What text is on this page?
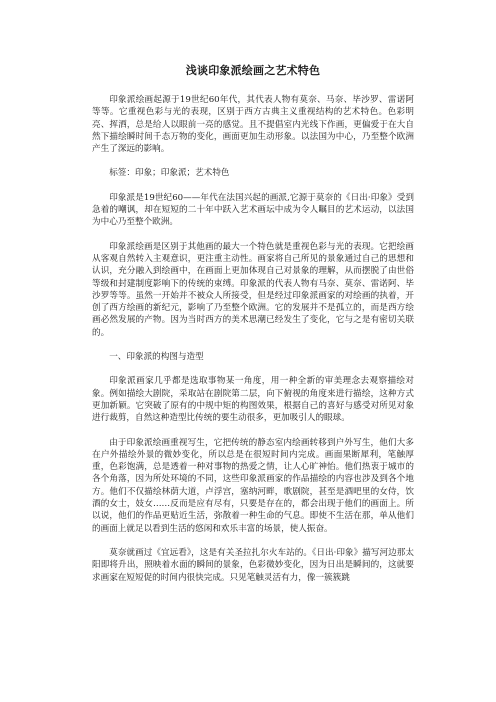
浅谈印象派绘画之艺术特色

印象派绘画起源于19世纪60年代，其代表人物有莫奈、马奈、毕沙罗、雷诺阿等等。它重视色彩与光的表现，区别于西方古典主义重视结构的艺术特色。色彩明亮、挥洒，总是给人以眼前一亮的感觉。且不提倡室内光线下作画，更偏爱于在大自然下描绘瞬时间千态万物的变化，画面更加生动形象。以法国为中心，乃至整个欧洲产生了深远的影响。

标签：印象；印象派；艺术特色

印象派是19世纪60——年代在法国兴起的画派,它源于莫奈的《日出·印象》受到急着的嘲讽，却在短短的二十年中跃入艺术画坛中成为令人瞩目的艺术运动，以法国为中心乃至整个欧洲。

印象派绘画是区别于其他画的最大一个特色就是重视色彩与光的表现。它把绘画从客观自然转入主观意识，更注重主动性。画家将自己所见的景象通过自己的思想和认识，充分融入到绘画中，在画面上更加体现自己对景象的理解，从而摆脱了由世俗等级和封建制度影响下的传统的束缚。印象派的代表人物有马奈、莫奈、雷诺阿、毕沙罗等等。虽然一开始并不被众人所接受，但是经过印象派画家的对绘画的执着，开创了西方绘画的新纪元，影响了乃至整个欧洲。它的发展并不是孤立的，而是西方绘画必然发展的产物。因为当时西方的美术思潮已经发生了变化，它与之是有密切关联的。

一、印象派的构图与造型

印象派画家几乎都是选取事物某一角度，用一种全新的审美理念去观察描绘对象。例如描绘大剧院，采取站在剧院第二层，向下俯视的角度来进行描绘，这种方式更加新颖。它突破了原有的中规中矩的构图效果，根据自己的喜好与感受对所见对象进行裁剪，自然这种造型比传统的要生动很多，更加吸引人的眼球。

由于印象派绘画重视写生，它把传统的静态室内绘画转移到户外写生，他们大多在户外描绘外景的微妙变化，所以总是在很短时间内完成。画面果断犀利，笔触厚重，色彩饱满，总是透着一种对事物的热爱之情，让人心旷神怡。他们热衷于城市的各个角落，因为所处环境的不同，这些印象派画家的作品描绘的内容也涉及到各个地方。他们不仅描绘林荫大道，卢浮宫，塞纳河畔，歌剧院，甚至是酒吧里的女侍，饮酒的女士，妓女……反而是应有尽有，只要是存在的，都会出现于他们的画面上。所以说，他们的作品更贴近生活，弥散着一种生命的气息。即使不生活在那，单从他们的画面上就足以看到生活的悠闲和欢乐丰富的场景，使人振奋。

莫奈就画过《宜远看》，这是有关圣拉扎尔火车站的。《日出·印象》描写河边那太阳即将升出，照映着水面的瞬间的景象，色彩微妙变化，因为日出是瞬间的，这就要求画家在短短促的时间内很快完成。只见笔触灵活有力，像一簇簇跳
